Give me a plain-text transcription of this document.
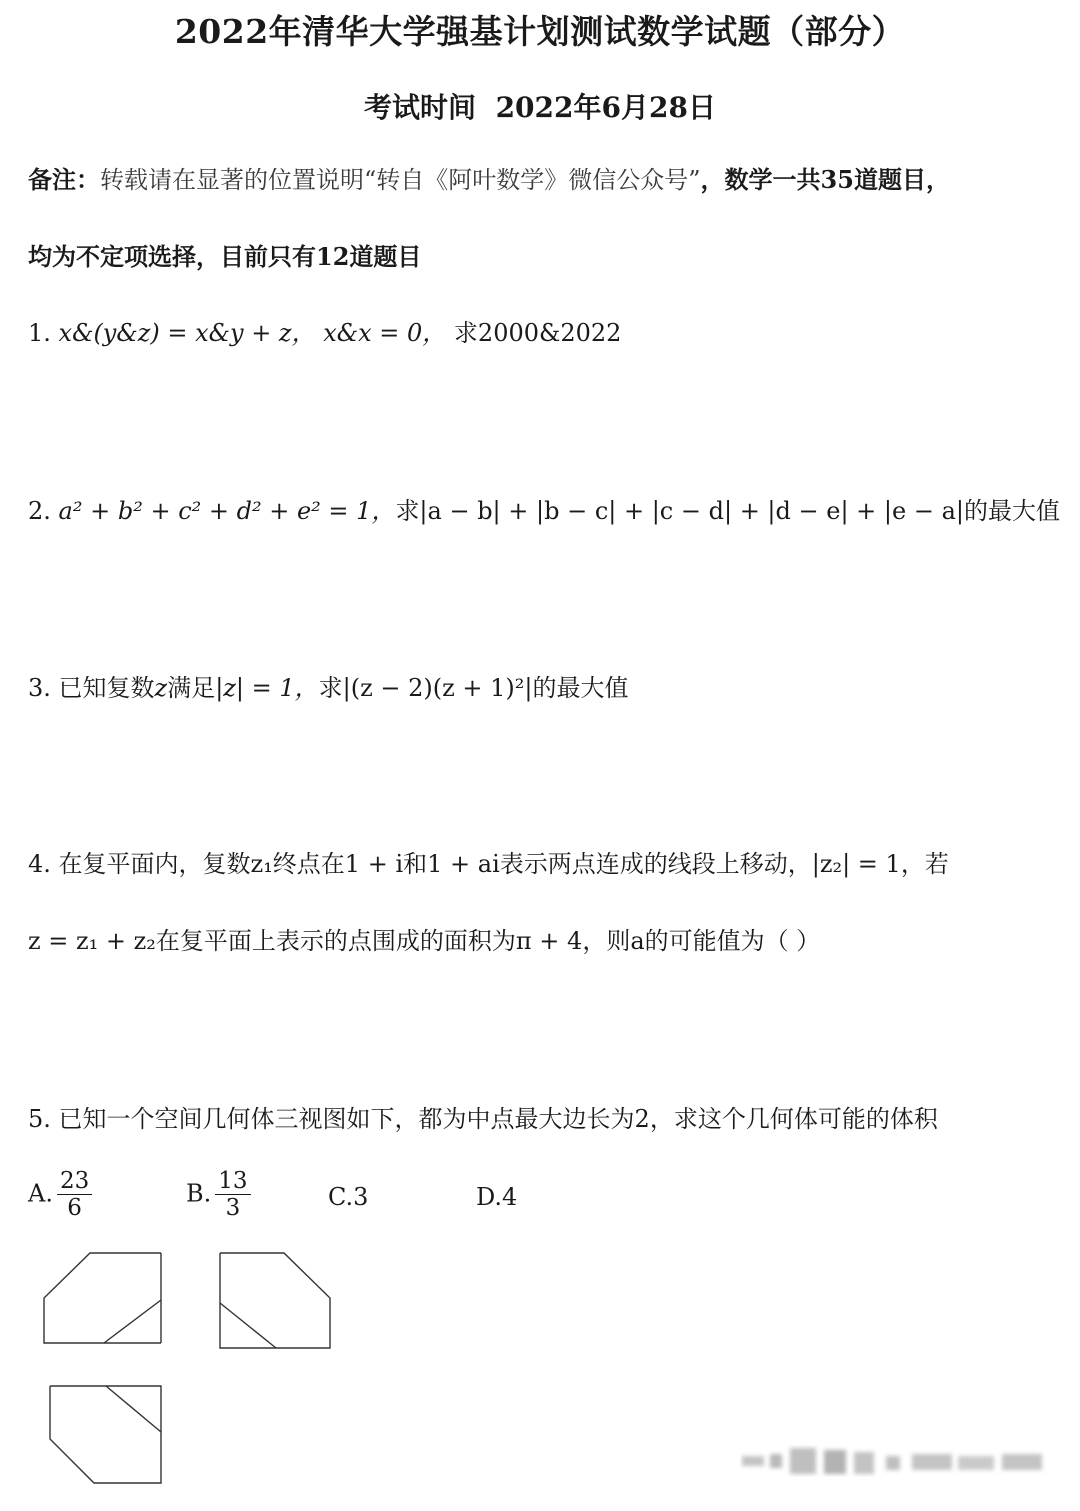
2022年清华大学强基计划测试数学试题（部分）
考试时间 2022年6月28日
备注：转载请在显著的位置说明“转自《阿叶数学》微信公众号”，数学一共35道题目，
均为不定项选择，目前只有12道题目
1. x&(y&z) = x&y + z， x&x = 0， 求2000&2022
2. a² + b² + c² + d² + e² = 1，求|a − b| + |b − c| + |c − d| + |d − e| + |e − a|的最大值
3. 已知复数z满足|z| = 1，求|(z − 2)(z + 1)²|的最大值
4. 在复平面内，复数z₁终点在1 + i和1 + ai表示两点连成的线段上移动，|z₂| = 1，若
z = z₁ + z₂在复平面上表示的点围成的面积为π + 4，则a的可能值为（ ）
5. 已知一个空间几何体三视图如下，都为中点最大边长为2，求这个几何体可能的体积
A. $\frac{23}{6}$	B. $\frac{13}{3}$	C.3	D.4
